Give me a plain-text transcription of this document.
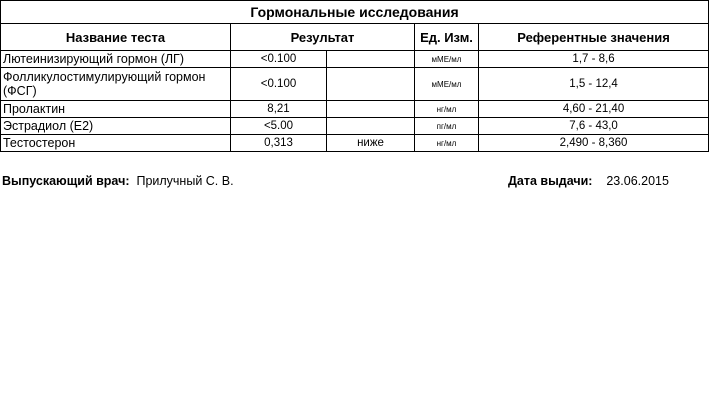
Гормональные исследования				
Название теста	Результат		Ед. Изм.	Референтные значения
Лютеинизирующий гормон (ЛГ)	<0.100		мМЕ/мл	1,7 - 8,6
Фолликулостимулирующий гормон (ФСГ)	<0.100		мМЕ/мл	1,5 - 12,4
Пролактин	8,21		нг/мл	4,60 - 21,40
Эстрадиол (Е2)	<5.00		пг/мл	7,6 - 43,0
Тестостерон	0,313	ниже	нг/мл	2,490 - 8,360
Выпускающий врач: Прилучный С. В.	Дата выдачи: 23.06.2015
